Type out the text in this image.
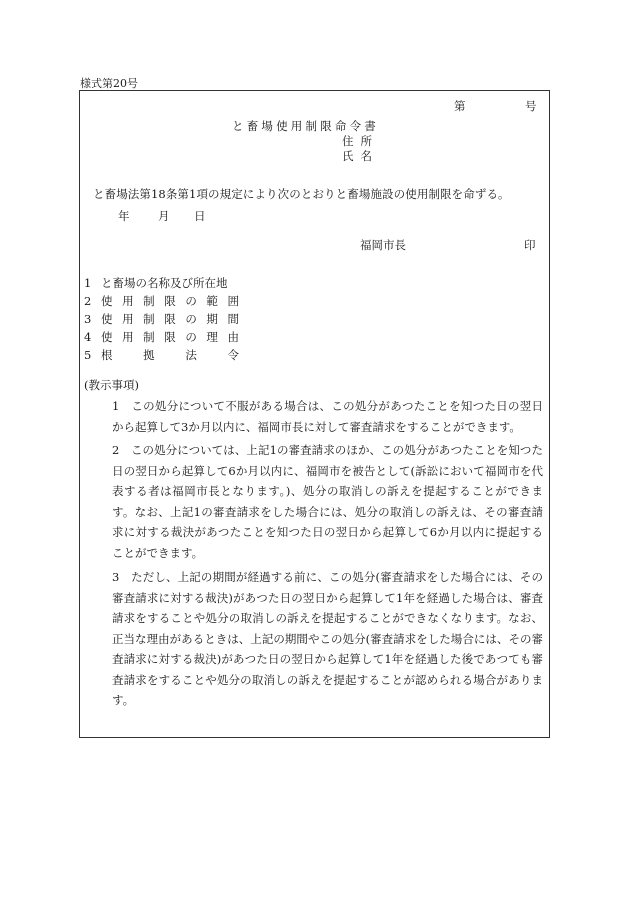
様式第20号
第	号
と畜場使用制限命令書
住所
氏名
と畜場法第18条第1項の規定により次のとおりと畜場施設の使用制限を命ずる。
年 月 日
福岡市長	印
1 と畜場の名称及び所在地
2 使 用 制 限 の 範 囲
3 使 用 制 限 の 期 間
4 使 用 制 限 の 理 由
5 根	拠	法	令
(教示事項)
1　この処分について不服がある場合は、この処分があつたことを知つた日の翌日から起算して3か月以内に、福岡市長に対して審査請求をすることができます。
2　この処分については、上記1の審査請求のほか、この処分があつたことを知つた日の翌日から起算して6か月以内に、福岡市を被告として(訴訟において福岡市を代表する者は福岡市長となります。)、処分の取消しの訴えを提起することができます。なお、上記1の審査請求をした場合には、処分の取消しの訴えは、その審査請求に対する裁決があつたことを知つた日の翌日から起算して6か月以内に提起することができます。
3　ただし、上記の期間が経過する前に、この処分(審査請求をした場合には、その審査請求に対する裁決)があつた日の翌日から起算して1年を経過した場合は、審査請求をすることや処分の取消しの訴えを提起することができなくなります。なお、正当な理由があるときは、上記の期間やこの処分(審査請求をした場合には、その審査請求に対する裁決)があつた日の翌日から起算して1年を経過した後であつても審査請求をすることや処分の取消しの訴えを提起することが認められる場合があります。
